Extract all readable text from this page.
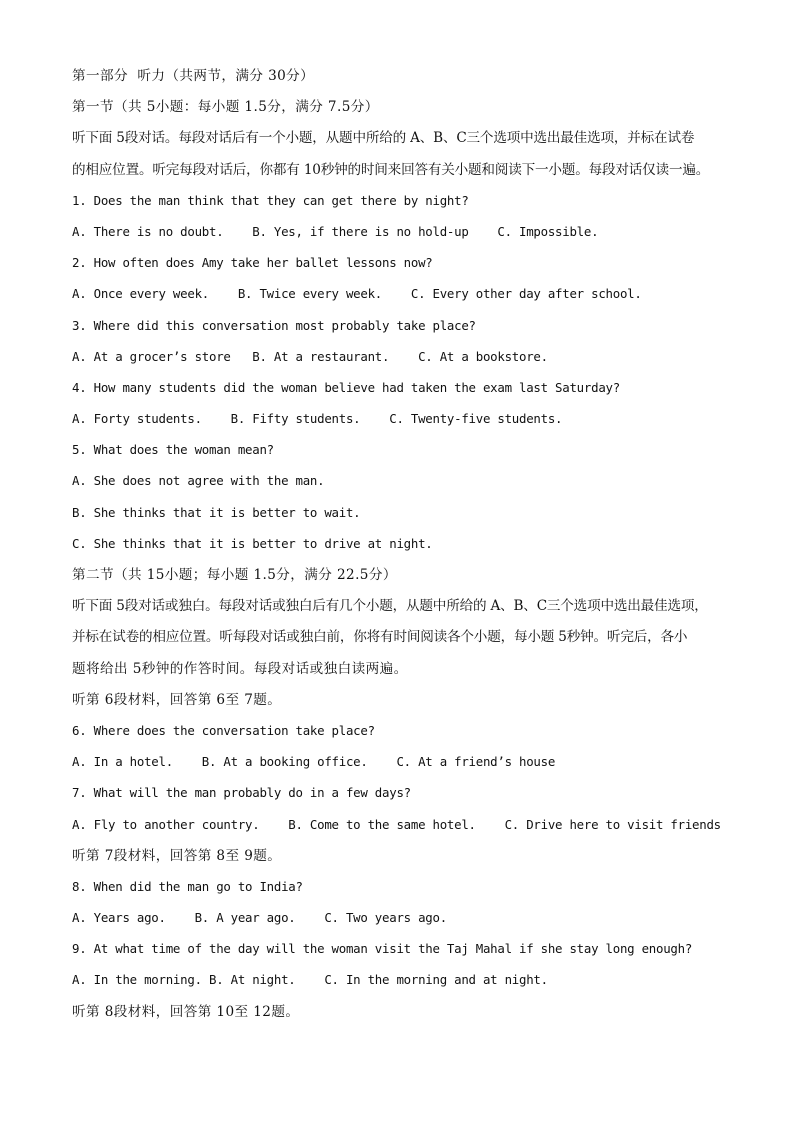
第一部分  听力（共两节，满分 30分）
第一节（共 5小题：每小题 1.5分，满分 7.5分）
听下面 5段对话。每段对话后有一个小题，从题中所给的 A、B、C三个选项中选出最佳选项，并标在试卷
的相应位置。听完每段对话后，你都有 10秒钟的时间来回答有关小题和阅读下一小题。每段对话仅读一遍。
1. Does the man think that they can get there by night?
A. There is no doubt.    B. Yes, if there is no hold-up    C. Impossible.
2. How often does Amy take her ballet lessons now?
A. Once every week.    B. Twice every week.    C. Every other day after school.
3. Where did this conversation most probably take place?
A. At a grocer’s store   B. At a restaurant.    C. At a bookstore.
4. How many students did the woman believe had taken the exam last Saturday?
A. Forty students.    B. Fifty students.    C. Twenty-five students.
5. What does the woman mean?
A. She does not agree with the man.
B. She thinks that it is better to wait.
C. She thinks that it is better to drive at night.
第二节（共 15小题；每小题 1.5分，满分 22.5分）
听下面 5段对话或独白。每段对话或独白后有几个小题，从题中所给的 A、B、C三个选项中选出最佳选项，
并标在试卷的相应位置。听每段对话或独白前，你将有时间阅读各个小题，每小题 5秒钟。听完后，各小
题将给出 5秒钟的作答时间。每段对话或独白读两遍。
听第 6段材料，回答第 6至 7题。
6. Where does the conversation take place?
A. In a hotel.    B. At a booking office.    C. At a friend’s house
7. What will the man probably do in a few days?
A. Fly to another country.    B. Come to the same hotel.    C. Drive here to visit friends
听第 7段材料，回答第 8至 9题。
8. When did the man go to India?
A. Years ago.    B. A year ago.    C. Two years ago.
9. At what time of the day will the woman visit the Taj Mahal if she stay long enough?
A. In the morning. B. At night.    C. In the morning and at night.
听第 8段材料，回答第 10至 12题。
